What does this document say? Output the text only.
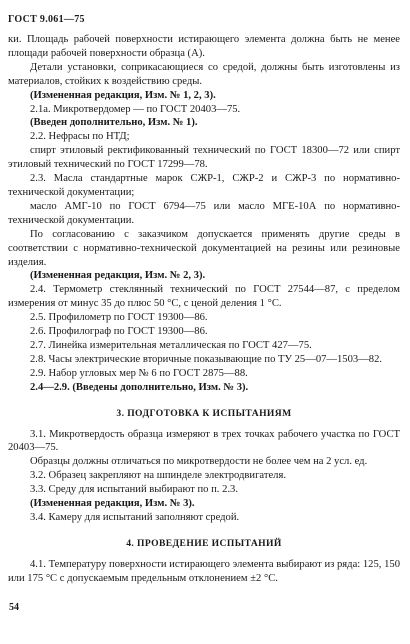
ГОСТ 9.061—75
ки. Площадь рабочей поверхности истирающего элемента должна быть не менее площади рабочей поверхности образца (А).
Детали установки, соприкасающиеся со средой, должны быть изготовлены из материалов, стойких к воздействию среды.
(Измененная редакция, Изм. № 1, 2, 3).
2.1а. Микротвердомер — по ГОСТ 20403—75.
(Введен дополнительно, Изм. № 1).
2.2. Нефрасы по НТД;
спирт этиловый ректификованный технический по ГОСТ 18300—72 или спирт этиловый технический по ГОСТ 17299—78.
2.3. Масла стандартные марок СЖР-1, СЖР-2 и СЖР-3 по нормативно-технической документации;
масло АМГ-10 по ГОСТ 6794—75 или масло МГЕ-10А по нормативно-технической документации.
По согласованию с заказчиком допускается применять другие среды в соответствии с нормативно-технической документацией на резины или резиновые изделия.
(Измененная редакция, Изм. № 2, 3).
2.4. Термометр стеклянный технический по ГОСТ 27544—87, с пределом измерения от минус 35 до плюс 50 °С, с ценой деления 1 °С.
2.5. Профилометр по ГОСТ 19300—86.
2.6. Профилограф по ГОСТ 19300—86.
2.7. Линейка измерительная металлическая по ГОСТ 427—75.
2.8. Часы электрические вторичные показывающие по ТУ 25—07—1503—82.
2.9. Набор угловых мер № 6 по ГОСТ 2875—88.
2.4—2.9. (Введены дополнительно, Изм. № 3).
3. ПОДГОТОВКА К ИСПЫТАНИЯМ
3.1. Микротвердость образца измеряют в трех точках рабочего участка по ГОСТ 20403—75.
Образцы должны отличаться по микротвердости не более чем на 2 усл. ед.
3.2. Образец закрепляют на шпинделе электродвигателя.
3.3. Среду для испытаний выбирают по п. 2.3.
(Измененная редакция, Изм. № 3).
3.4. Камеру для испытаний заполняют средой.
4. ПРОВЕДЕНИЕ ИСПЫТАНИЙ
4.1. Температуру поверхности истирающего элемента выбирают из ряда: 125, 150 или 175 °С с допускаемым предельным отклонением ±2 °С.
54
